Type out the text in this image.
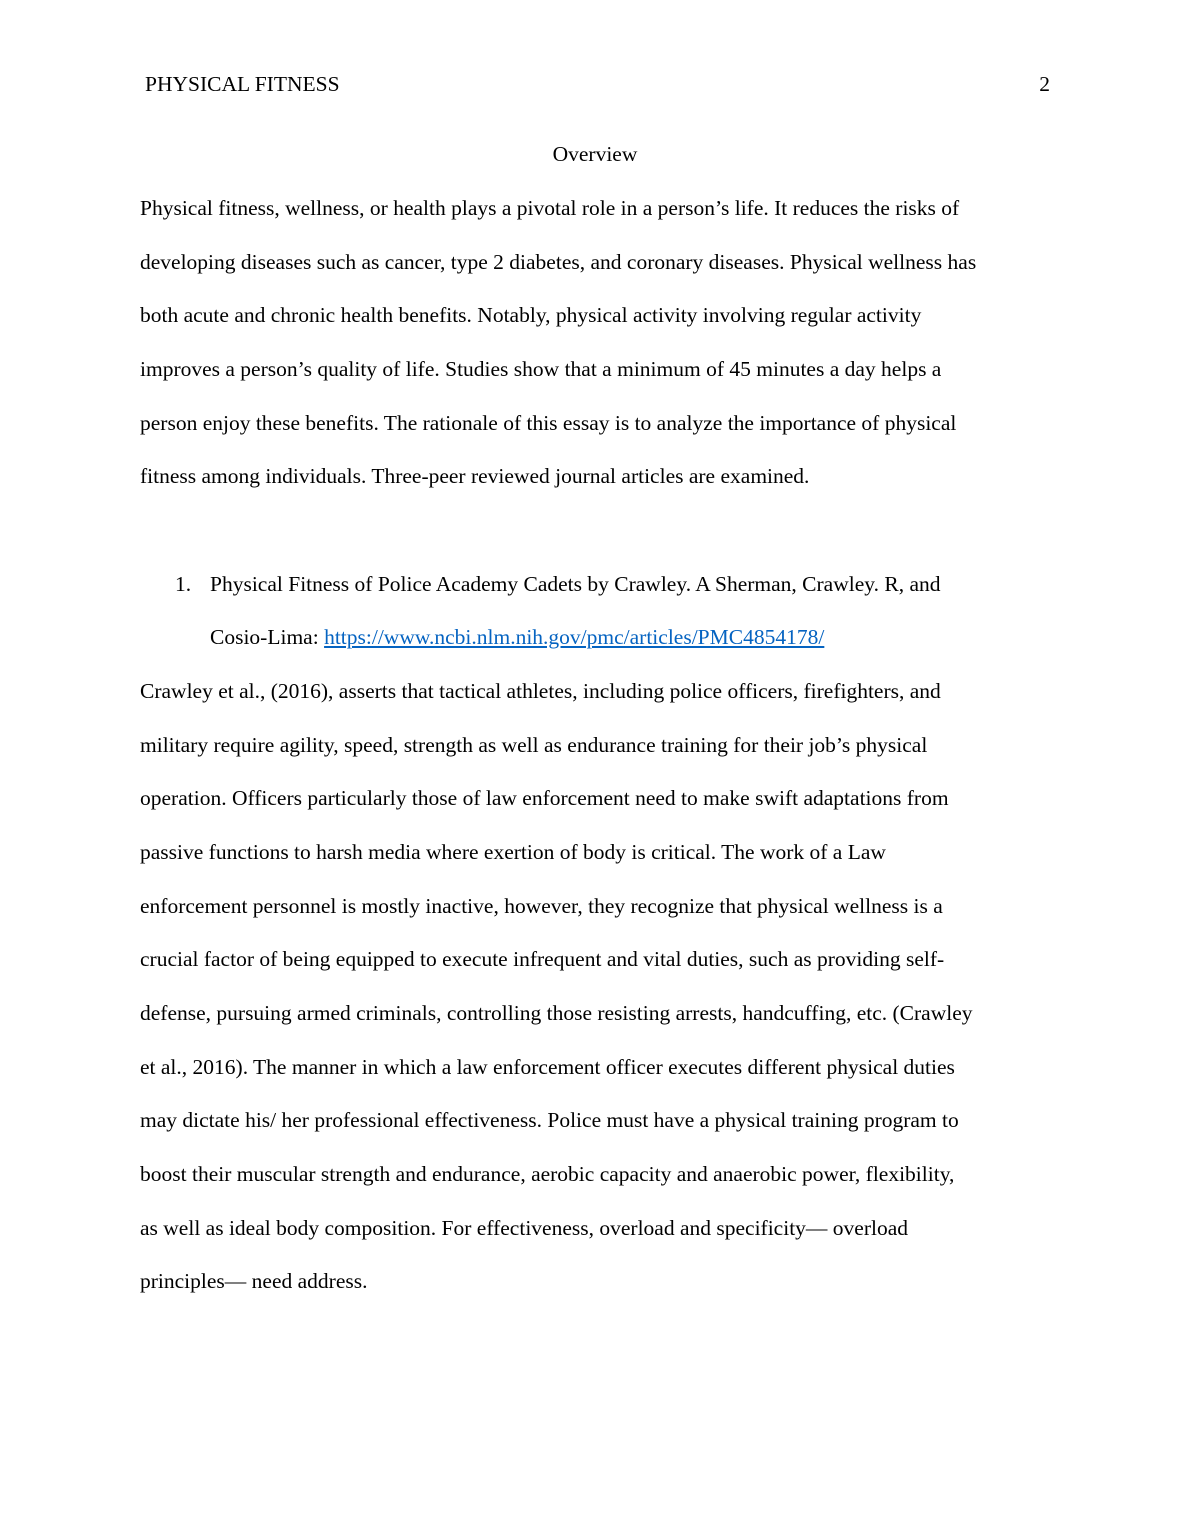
PHYSICAL FITNESS	2
Overview
Physical fitness, wellness, or health plays a pivotal role in a person’s life. It reduces the risks of
developing diseases such as cancer, type 2 diabetes, and coronary diseases. Physical wellness has
both acute and chronic health benefits. Notably, physical activity involving regular activity
improves a person’s quality of life. Studies show that a minimum of 45 minutes a day helps a
person enjoy these benefits. The rationale of this essay is to analyze the importance of physical
fitness among individuals. Three-peer reviewed journal articles are examined.
1. Physical Fitness of Police Academy Cadets by Crawley. A Sherman, Crawley. R, and
Cosio-Lima: https://www.ncbi.nlm.nih.gov/pmc/articles/PMC4854178/
Crawley et al., (2016), asserts that tactical athletes, including police officers, firefighters, and
military require agility, speed, strength as well as endurance training for their job’s physical
operation. Officers particularly those of law enforcement need to make swift adaptations from
passive functions to harsh media where exertion of body is critical. The work of a Law
enforcement personnel is mostly inactive, however, they recognize that physical wellness is a
crucial factor of being equipped to execute infrequent and vital duties, such as providing self-
defense, pursuing armed criminals, controlling those resisting arrests, handcuffing, etc. (Crawley
et al., 2016). The manner in which a law enforcement officer executes different physical duties
may dictate his/ her professional effectiveness. Police must have a physical training program to
boost their muscular strength and endurance, aerobic capacity and anaerobic power, flexibility,
as well as ideal body composition. For effectiveness, overload and specificity— overload
principles— need address.
